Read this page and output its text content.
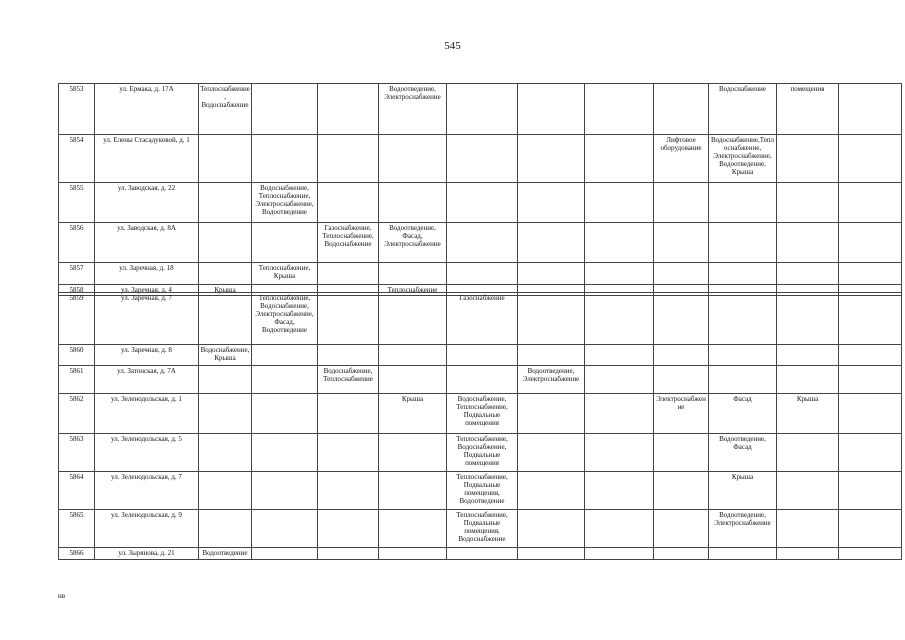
545
5853	ул. Ермака, д. 17А	Теплоснабжение, Водоснабжение			Водоотведение, Электроснабжение					Водоснабжение	помещения	
5854	ул. Елены Стасадуковой, д. 1								Лифтовое оборудование	Водоснабжение,Теплоснабжение, Электроснабжение, Водоотведение, Крыша		
5855	ул. Заводская, д. 22		Водоснабжение, Теплоснабжение, Электроснабжение, Водоотведение									
5856	ул. Заводская, д. 8А			Газоснабжение, Теплоснабжение, Водоснабжение	Водоотведение, Фасад, Электроснабжение							
5857	ул. Заречная, д. 18		Теплоснабжение, Крыша									
5858	ул. Заречная, д. 4	Крыша			Теплоснабжение							
5859	ул. Заречная, д. 7		Теплоснабжение, Водоснабжение, Электроснабжение, Фасад, Водоотведение			Газоснабжение						
5860	ул. Заречная, д. 8	Водоснабжение, Крыша										
5861	ул. Затонская, д. 7А			Водоснабжение, Теплоснабжение			Водоотведение, Электроснабжение					
5862	ул. Зеленодольская, д. 1				Крыша	Водоснабжение, Теплоснабжение, Подвальные помещения			Электроснабжение	Фасад	Крыша	
5863	ул. Зеленодольская, д. 5					Теплоснабжение, Водоснабжение, Подвальные помещения				Водоотведение, Фасад		
5864	ул. Зеленодольская, д. 7					Теплоснабжение, Подвальные помещения, Водоотведение				Крыша		
5865	ул. Зеленодольская, д. 9					Теплоснабжение, Подвальные помещения, Водоснабжение				Водоотведение, Электроснабжение		
5866	ул. Зырянова, д. 21	Водоотведение										
нв
